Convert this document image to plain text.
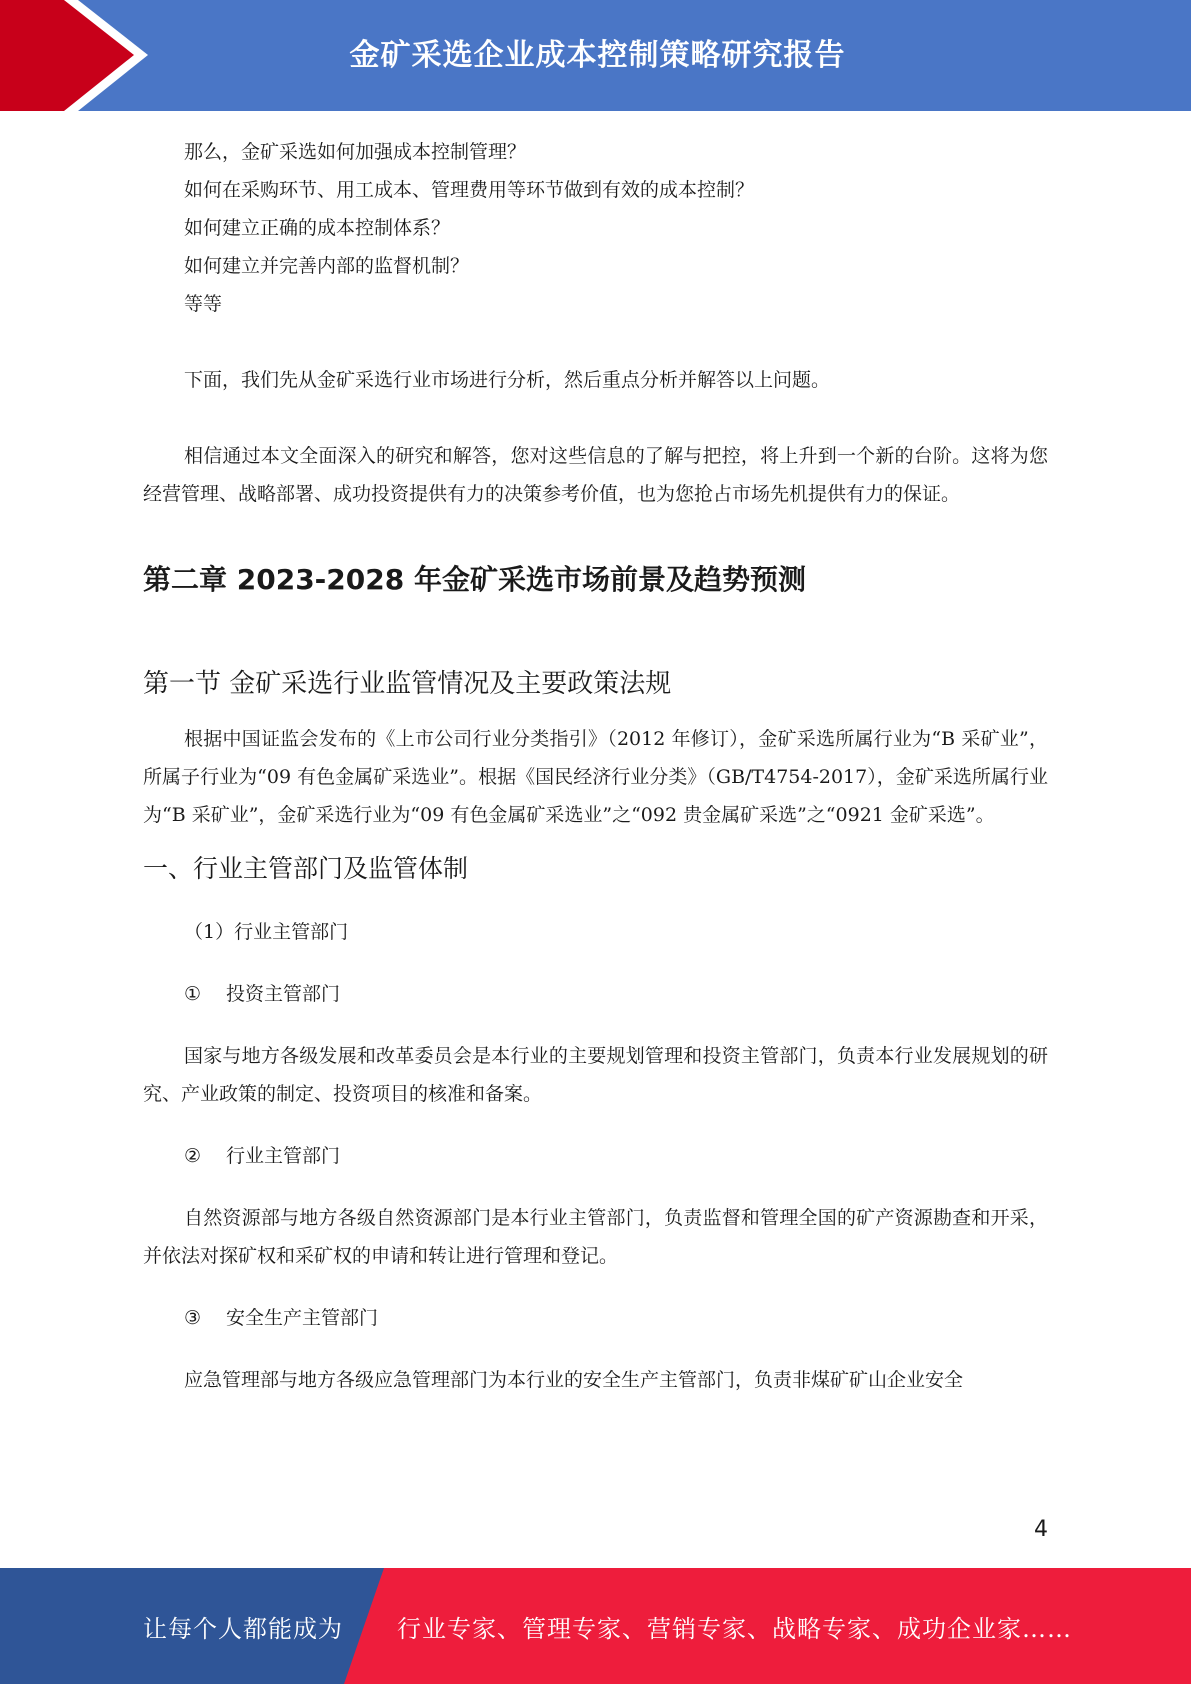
金矿采选企业成本控制策略研究报告

那么，金矿采选如何加强成本控制管理？

如何在采购环节、用工成本、管理费用等环节做到有效的成本控制？

如何建立正确的成本控制体系？

如何建立并完善内部的监督机制？

等等

下面，我们先从金矿采选行业市场进行分析，然后重点分析并解答以上问题。

相信通过本文全面深入的研究和解答，您对这些信息的了解与把控，将上升到一个新的台阶。这将为您经营管理、战略部署、成功投资提供有力的决策参考价值，也为您抢占市场先机提供有力的保证。

第二章 2023-2028 年金矿采选市场前景及趋势预测
第一节 金矿采选行业监管情况及主要政策法规

根据中国证监会发布的《上市公司行业分类指引》（2012 年修订），金矿采选所属行业为“B 采矿业”，所属子行业为“09 有色金属矿采选业”。根据《国民经济行业分类》（GB/T4754-2017），金矿采选所属行业为“B 采矿业”，金矿采选行业为“09 有色金属矿采选业”之“092 贵金属矿采选”之“0921 金矿采选”。

一、行业主管部门及监管体制

（1）行业主管部门

① 投资主管部门

国家与地方各级发展和改革委员会是本行业的主要规划管理和投资主管部门，负责本行业发展规划的研究、产业政策的制定、投资项目的核准和备案。

② 行业主管部门

自然资源部与地方各级自然资源部门是本行业主管部门，负责监督和管理全国的矿产资源勘查和开采，并依法对探矿权和采矿权的申请和转让进行管理和登记。

③ 安全生产主管部门

应急管理部与地方各级应急管理部门为本行业的安全生产主管部门，负责非煤矿矿山企业安全

4
让每个人都能成为 行业专家、管理专家、营销专家、战略专家、成功企业家……
